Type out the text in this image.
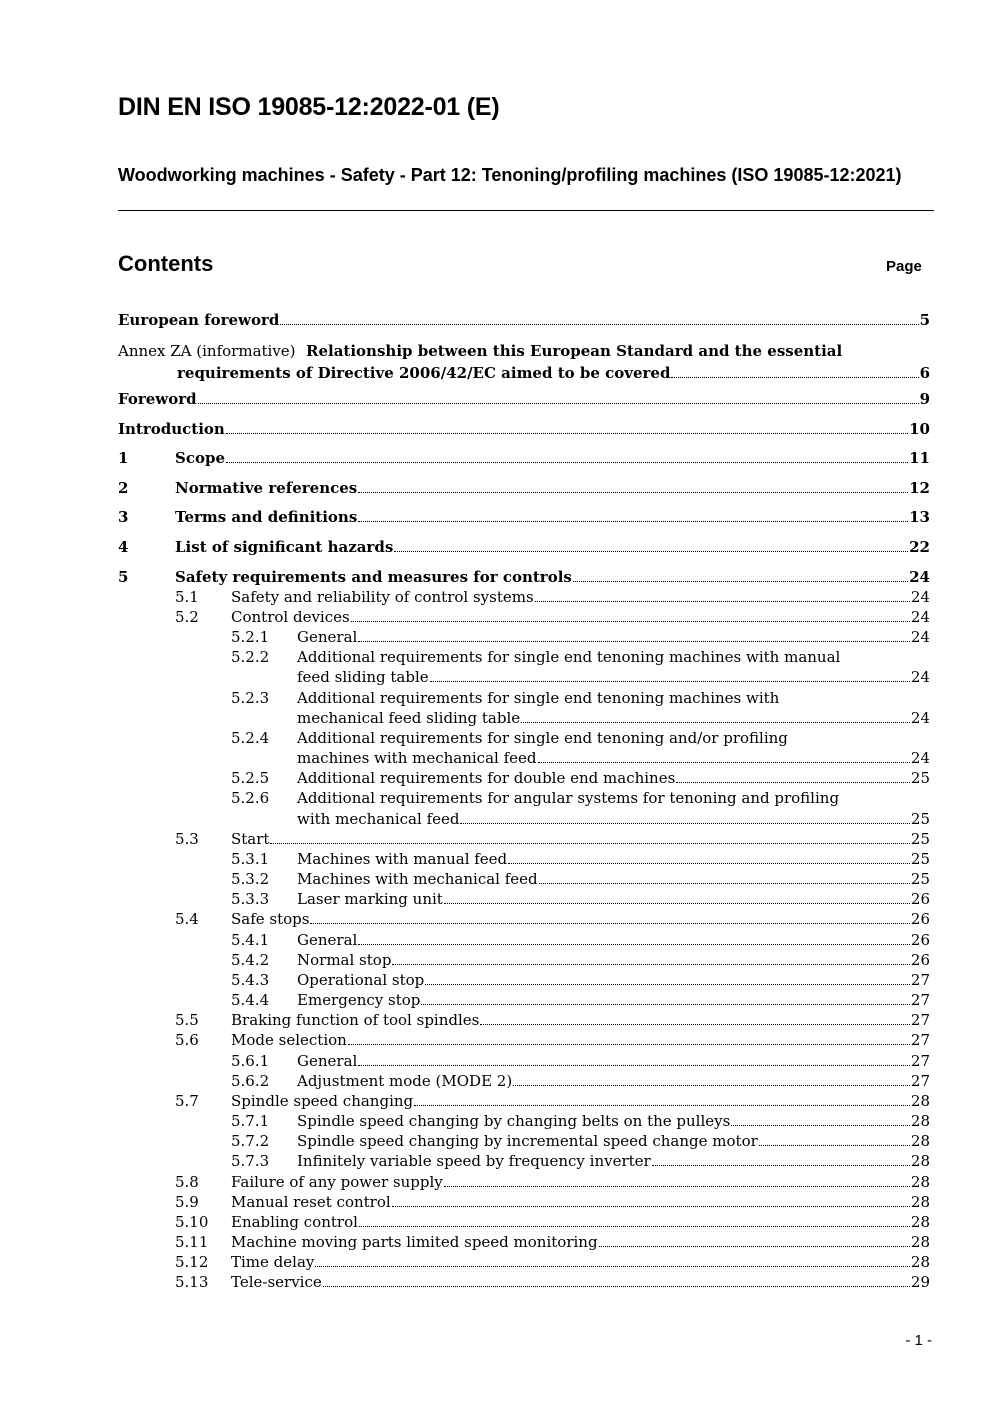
DIN EN ISO 19085-12:2022-01 (E)
Woodworking machines - Safety - Part 12: Tenoning/profiling machines (ISO 19085-12:2021)
Contents	Page
European foreword	5
Annex ZA (informative) Relationship between this European Standard and the essential
requirements of Directive 2006/42/EC aimed to be covered	6
Foreword	9
Introduction	10
1	Scope	11
2	Normative references	12
3	Terms and definitions	13
4	List of significant hazards	22
5	Safety requirements and measures for controls	24
5.1 Safety and reliability of control systems	24
5.2 Control devices	24
5.2.1 General	24
5.2.2 Additional requirements for single end tenoning machines with manual
feed sliding table	24
5.2.3 Additional requirements for single end tenoning machines with
mechanical feed sliding table	24
5.2.4 Additional requirements for single end tenoning and/or profiling
machines with mechanical feed	24
5.2.5 Additional requirements for double end machines	25
5.2.6 Additional requirements for angular systems for tenoning and profiling
with mechanical feed	25
5.3 Start	25
5.3.1 Machines with manual feed	25
5.3.2 Machines with mechanical feed	25
5.3.3 Laser marking unit	26
5.4 Safe stops	26
5.4.1 General	26
5.4.2 Normal stop	26
5.4.3 Operational stop	27
5.4.4 Emergency stop	27
5.5 Braking function of tool spindles	27
5.6 Mode selection	27
5.6.1 General	27
5.6.2 Adjustment mode (MODE 2)	27
5.7 Spindle speed changing	28
5.7.1 Spindle speed changing by changing belts on the pulleys	28
5.7.2 Spindle speed changing by incremental speed change motor	28
5.7.3 Infinitely variable speed by frequency inverter	28
5.8 Failure of any power supply	28
5.9 Manual reset control	28
5.10 Enabling control	28
5.11 Machine moving parts limited speed monitoring	28
5.12 Time delay	28
5.13 Tele-service	29
- 1 -
